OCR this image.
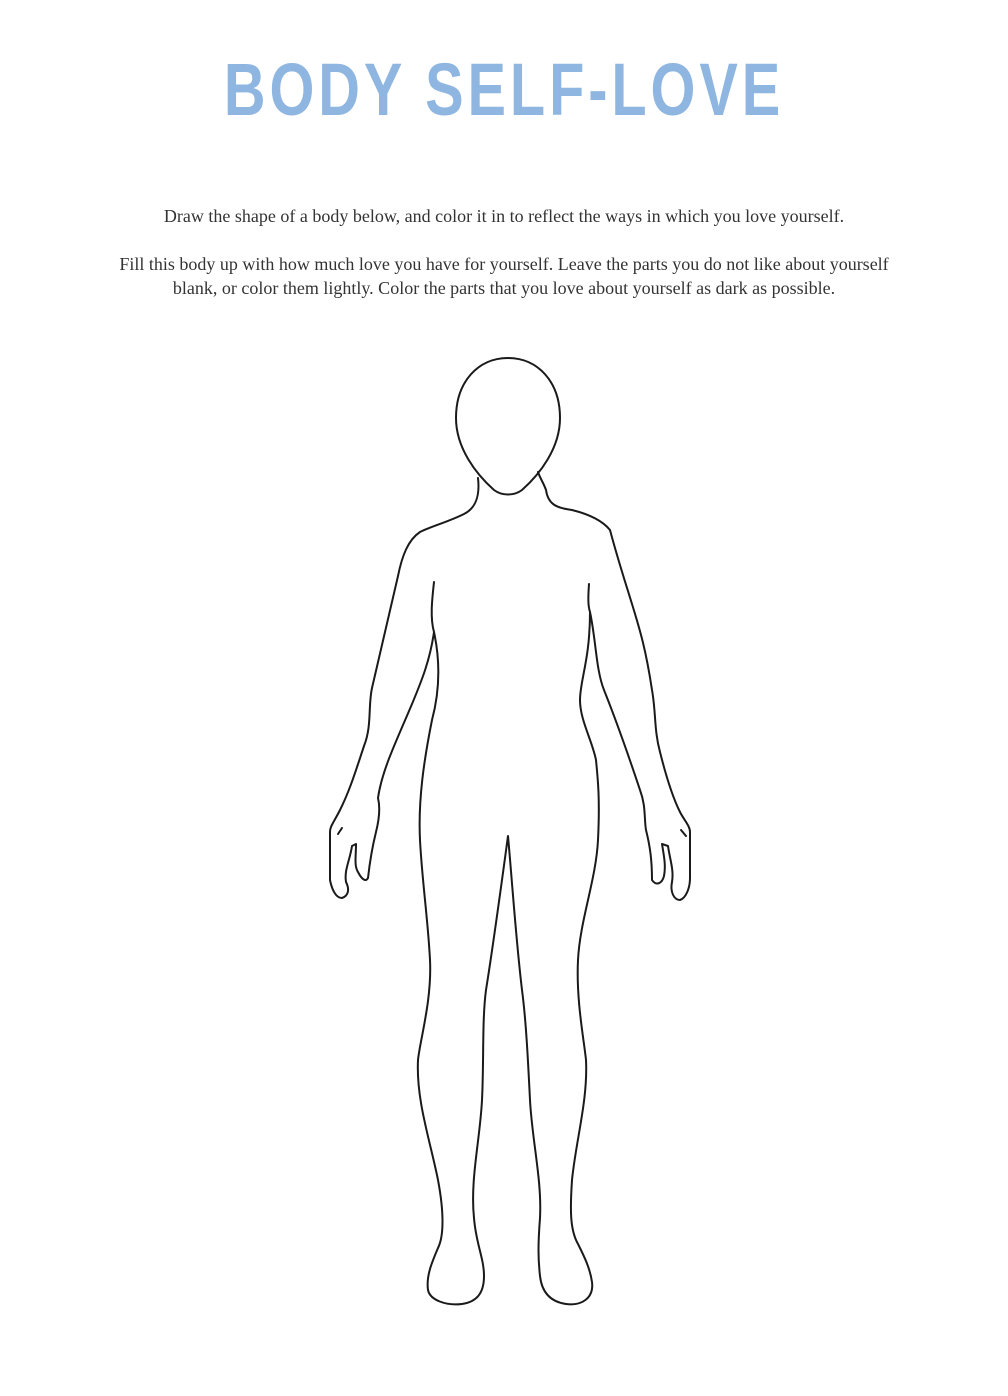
BODY SELF-LOVE

Draw the shape of a body below, and color it in to reflect the ways in which you love yourself.

Fill this body up with how much love you have for yourself. Leave the parts you do not like about yourself blank, or color them lightly. Color the parts that you love about yourself as dark as possible.
